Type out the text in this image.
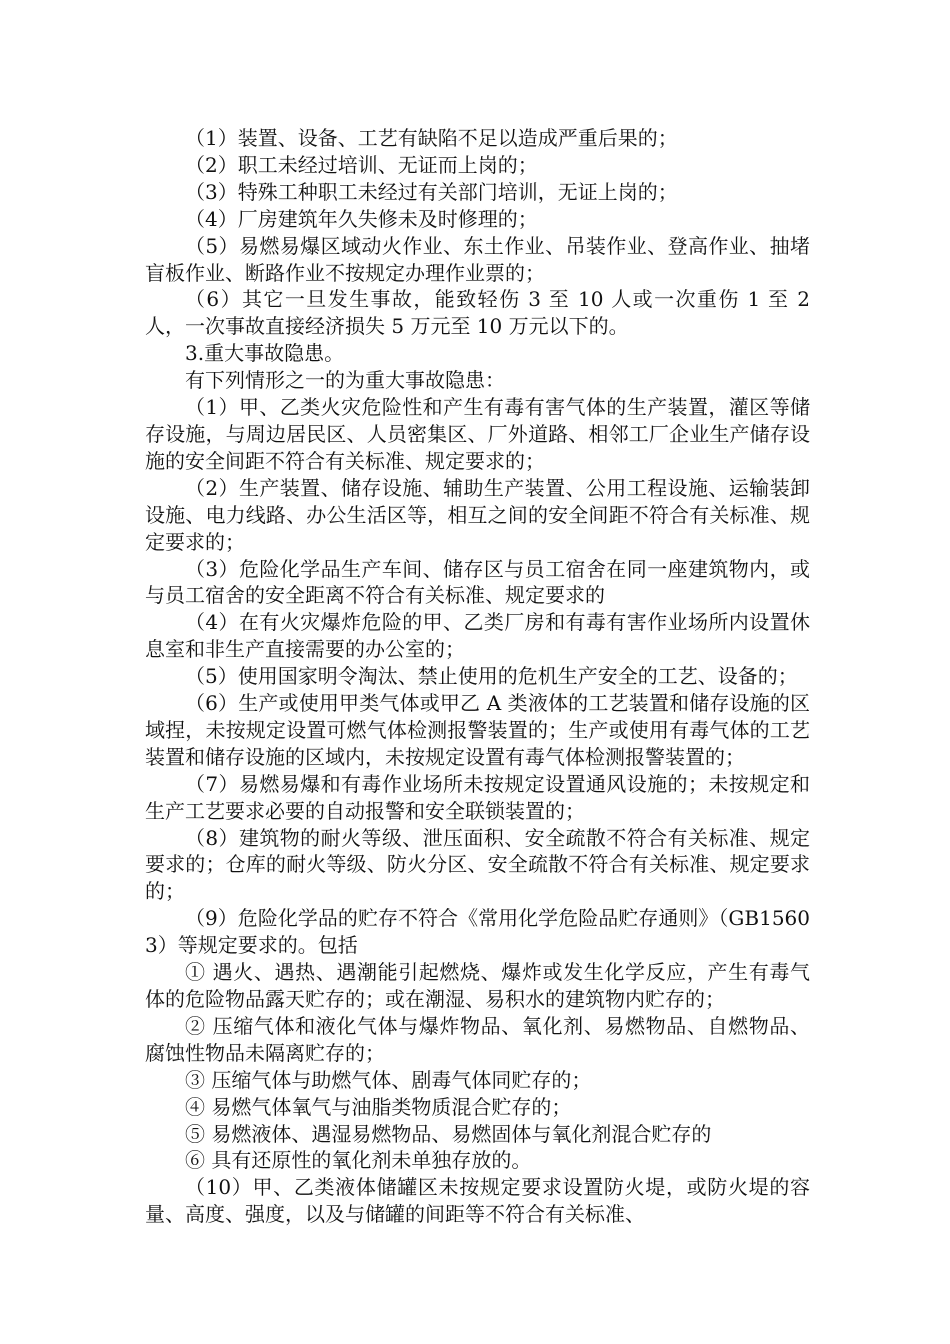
（1）装置、设备、工艺有缺陷不足以造成严重后果的；

（2）职工未经过培训、无证而上岗的；

（3）特殊工种职工未经过有关部门培训，无证上岗的；

（4）厂房建筑年久失修未及时修理的；

（5）易燃易爆区域动火作业、东土作业、吊装作业、登高作业、抽堵盲板作业、断路作业不按规定办理作业票的；

（6）其它一旦发生事故，能致轻伤 3 至 10 人或一次重伤 1 至 2 人，一次事故直接经济损失 5 万元至 10 万元以下的。

3.重大事故隐患。

有下列情形之一的为重大事故隐患：

（1）甲、乙类火灾危险性和产生有毒有害气体的生产装置，灌区等储存设施，与周边居民区、人员密集区、厂外道路、相邻工厂企业生产储存设施的安全间距不符合有关标准、规定要求的；

（2）生产装置、储存设施、辅助生产装置、公用工程设施、运输装卸设施、电力线路、办公生活区等，相互之间的安全间距不符合有关标准、规定要求的；

（3）危险化学品生产车间、储存区与员工宿舍在同一座建筑物内，或与员工宿舍的安全距离不符合有关标准、规定要求的

（4）在有火灾爆炸危险的甲、乙类厂房和有毒有害作业场所内设置休息室和非生产直接需要的办公室的；

（5）使用国家明令淘汰、禁止使用的危机生产安全的工艺、设备的；

（6）生产或使用甲类气体或甲乙 A 类液体的工艺装置和储存设施的区域捏，未按规定设置可燃气体检测报警装置的；生产或使用有毒气体的工艺装置和储存设施的区域内，未按规定设置有毒气体检测报警装置的；

（7）易燃易爆和有毒作业场所未按规定设置通风设施的；未按规定和生产工艺要求必要的自动报警和安全联锁装置的；

（8）建筑物的耐火等级、泄压面积、安全疏散不符合有关标准、规定要求的；仓库的耐火等级、防火分区、安全疏散不符合有关标准、规定要求的；

（9）危险化学品的贮存不符合《常用化学危险品贮存通则》（GB15603）等规定要求的。包括

① 遇火、遇热、遇潮能引起燃烧、爆炸或发生化学反应，产生有毒气体的危险物品露天贮存的；或在潮湿、易积水的建筑物内贮存的；

② 压缩气体和液化气体与爆炸物品、氧化剂、易燃物品、自燃物品、腐蚀性物品未隔离贮存的；

③ 压缩气体与助燃气体、剧毒气体同贮存的；

④ 易燃气体氧气与油脂类物质混合贮存的；

⑤ 易燃液体、遇湿易燃物品、易燃固体与氧化剂混合贮存的

⑥ 具有还原性的氧化剂未单独存放的。

（10）甲、乙类液体储罐区未按规定要求设置防火堤，或防火堤的容量、高度、强度，以及与储罐的间距等不符合有关标准、
